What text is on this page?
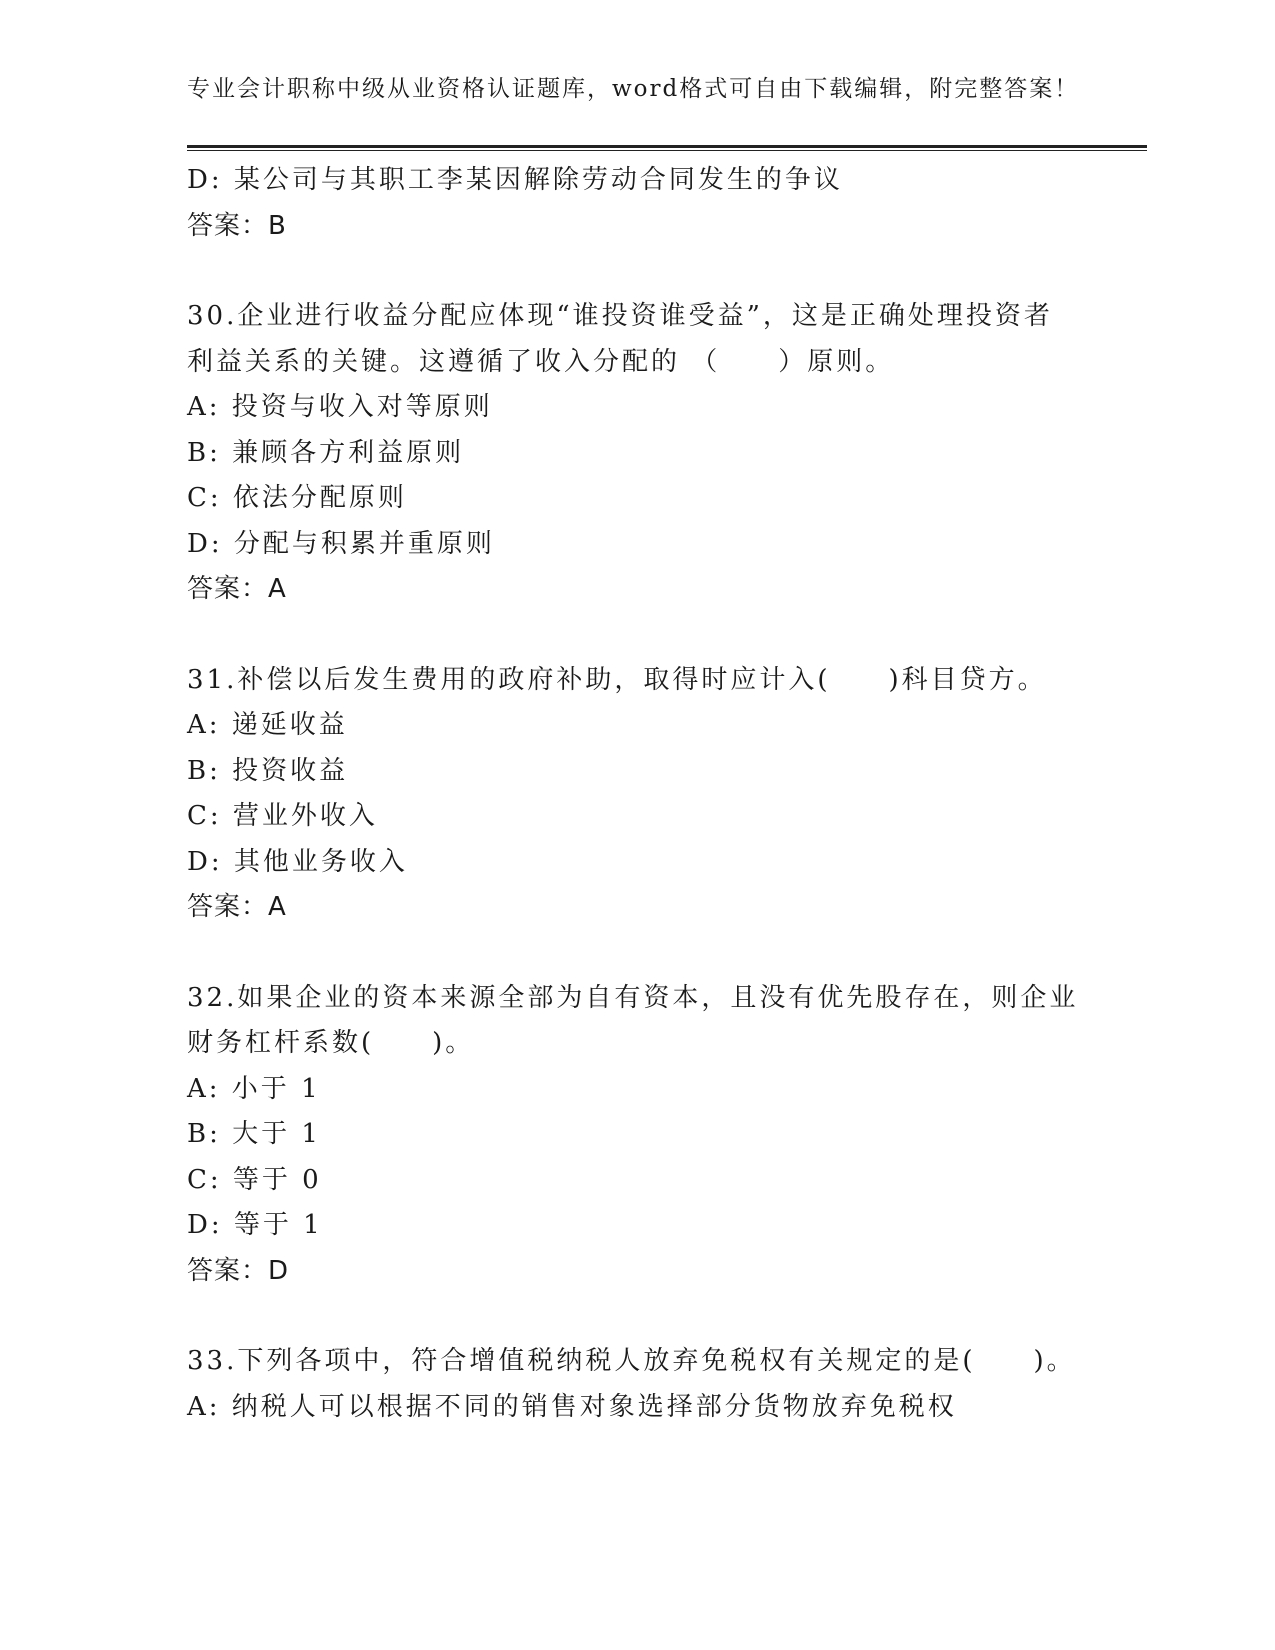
专业会计职称中级从业资格认证题库，word格式可自由下载编辑，附完整答案！
D: 某公司与其职工李某因解除劳动合同发生的争议
答案：B
30.企业进行收益分配应体现“谁投资谁受益”，这是正确处理投资者
利益关系的关键。这遵循了收入分配的 （　　）原则。
A: 投资与收入对等原则
B: 兼顾各方利益原则
C: 依法分配原则
D: 分配与积累并重原则
答案：A
31.补偿以后发生费用的政府补助，取得时应计入(　　)科目贷方。
A: 递延收益
B: 投资收益
C: 营业外收入
D: 其他业务收入
答案：A
32.如果企业的资本来源全部为自有资本，且没有优先股存在，则企业
财务杠杆系数(　　)。
A: 小于 1
B: 大于 1
C: 等于 0
D: 等于 1
答案：D
33.下列各项中，符合增值税纳税人放弃免税权有关规定的是(　　)。
A: 纳税人可以根据不同的销售对象选择部分货物放弃免税权
